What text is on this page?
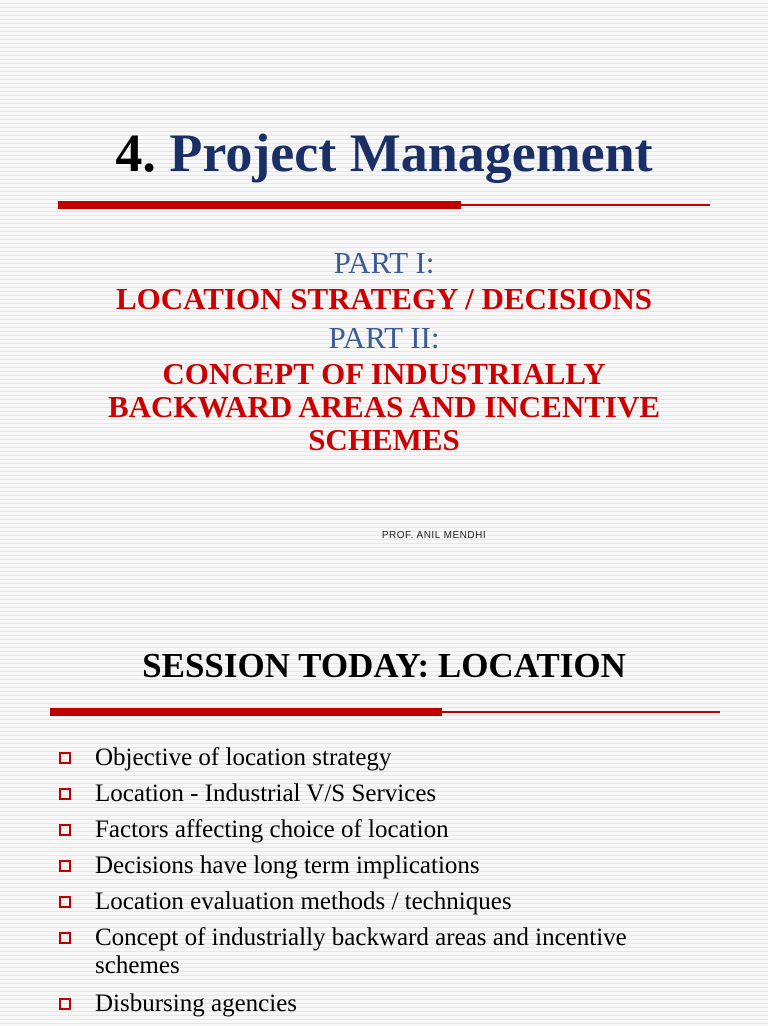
4. Project Management

PART I:

LOCATION STRATEGY / DECISIONS

PART II:

CONCEPT OF INDUSTRIALLY BACKWARD AREAS AND INCENTIVE SCHEMES

PROF. ANIL MENDHI

SESSION TODAY: LOCATION
Objective of location strategy
Location - Industrial V/S Services
Factors affecting choice of location
Decisions have long term implications
Location evaluation methods / techniques
Concept of industrially backward areas and incentive schemes
Disbursing agencies
